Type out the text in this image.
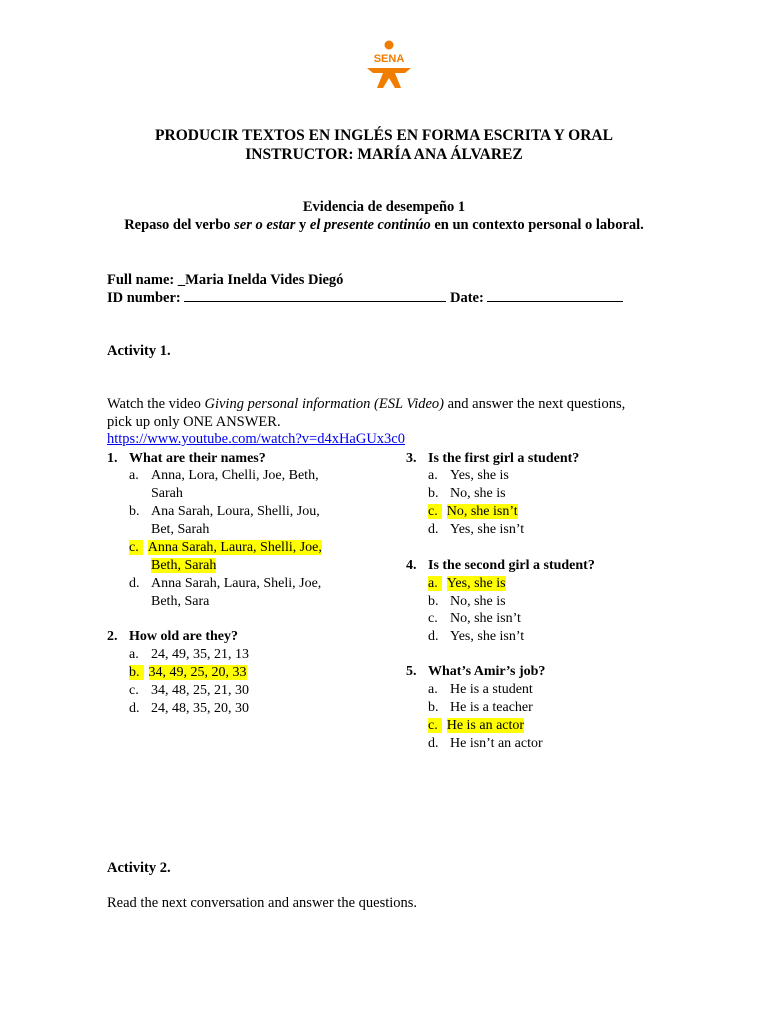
SENA
PRODUCIR TEXTOS EN INGLÉS EN FORMA ESCRITA Y ORAL
INSTRUCTOR: MARÍA ANA ÁLVAREZ
Evidencia de desempeño 1
Repaso del verbo ser o estar y el presente continúo en un contexto personal o laboral.
Full name: _Maria Inelda Vides Diegó
ID number:	Date:
Activity 1.
Watch the video Giving personal information (ESL Video) and answer the next questions,
pick up only ONE ANSWER.
https://www.youtube.com/watch?v=d4xHaGUx3c0
1. What are their names?
a. Anna, Lora, Chelli, Joe, Beth,
Sarah
b. Ana Sarah, Loura, Shelli, Jou,
Bet, Sarah
c. Anna Sarah, Laura, Shelli, Joe,
Beth, Sarah
d. Anna Sarah, Laura, Sheli, Joe,
Beth, Sara
2. How old are they?
a. 24, 49, 35, 21, 13
b. 34, 49, 25, 20, 33
c. 34, 48, 25, 21, 30
d. 24, 48, 35, 20, 30
3. Is the first girl a student?
a. Yes, she is
b. No, she is
c. No, she isn’t
d. Yes, she isn’t
4. Is the second girl a student?
a. Yes, she is
b. No, she is
c. No, she isn’t
d. Yes, she isn’t
5. What’s Amir’s job?
a. He is a student
b. He is a teacher
c. He is an actor
d. He isn’t an actor
Activity 2.
Read the next conversation and answer the questions.
